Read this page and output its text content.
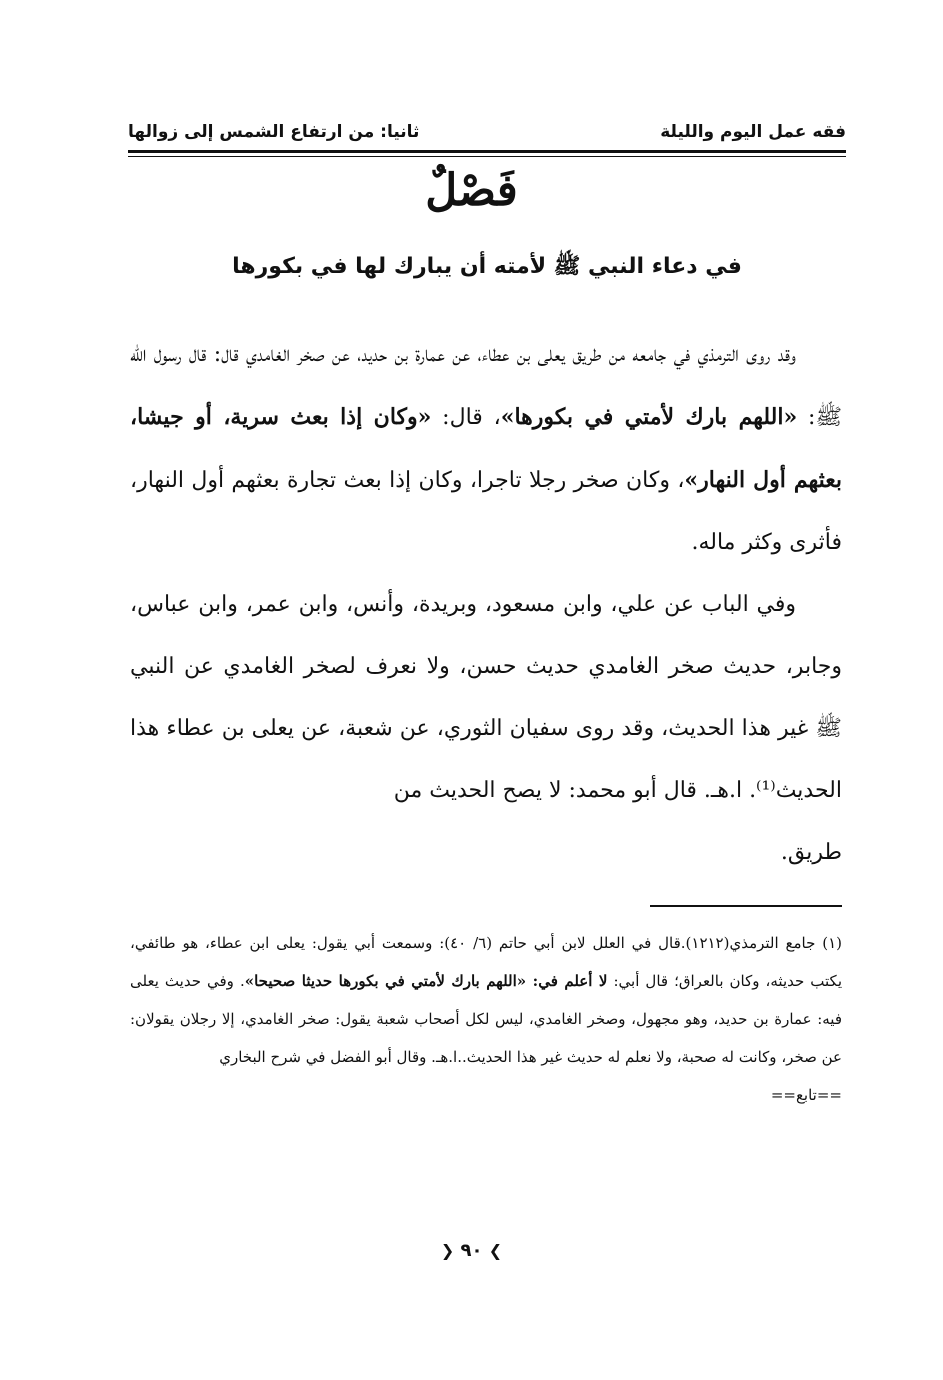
فقه عمل اليوم والليلة
ثانيا: من ارتفاع الشمس إلى زوالها
فَصْلٌ
في دعاء النبي ﷺ لأمته أن يبارك لها في بكورها

وقد روى الترمذي في جامعه من طريق يعلى بن عطاء، عن عمارة بن حديد، عن صخر الغامدي قال: قال رسول الله ﷺ: «اللهم بارك لأمتي في بكورها»، قال: «وكان إذا بعث سرية، أو جيشا، بعثهم أول النهار»، وكان صخر رجلا تاجرا، وكان إذا بعث تجارة بعثهم أول النهار، فأثرى وكثر ماله.

وفي الباب عن علي، وابن مسعود، وبريدة، وأنس، وابن عمر، وابن عباس، وجابر، حديث صخر الغامدي حديث حسن، ولا نعرف لصخر الغامدي عن النبي ﷺ غير هذا الحديث، وقد روى سفيان الثوري، عن شعبة، عن يعلى بن عطاء هذا الحديث⁽¹⁾. ا.هـ. قال أبو محمد: لا يصح الحديث من

طريق.

(١) جامع الترمذي(١٢١٢).قال في العلل لابن أبي حاتم (٦/ ٤٠): وسمعت أبي يقول: يعلى ابن عطاء، هو طائفي، يكتب حديثه، وكان بالعراق؛ قال أبي: لا أعلم في: «اللهم بارك لأمتي في بكورها حديثا صحيحا». وفي حديث يعلى فيه: عمارة بن حديد، وهو مجهول، وصخر الغامدي، ليس لكل أصحاب شعبة يقول: صخر الغامدي، إلا رجلان يقولان: عن صخر، وكانت له صحبة، ولا نعلم له حديث غير هذا الحديث..ا.هـ. وقال أبو الفضل في شرح البخاري

==تابع==

❯ ٩٠ ❮
